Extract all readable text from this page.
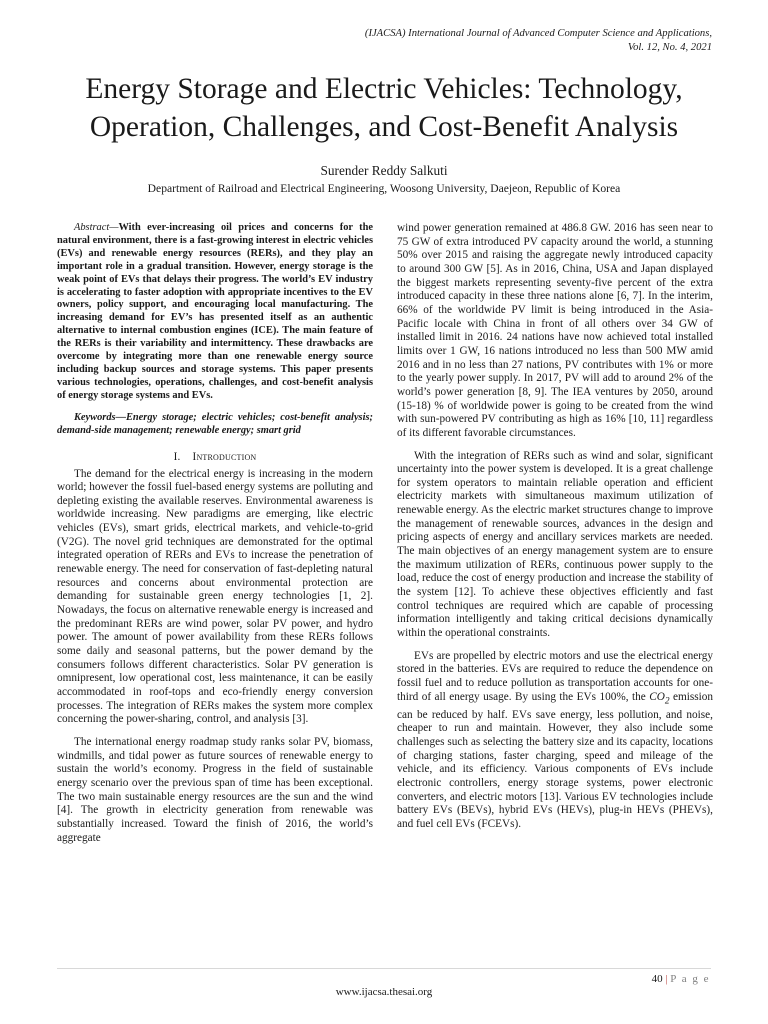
(IJACSA) International Journal of Advanced Computer Science and Applications,
Vol. 12, No. 4, 2021
Energy Storage and Electric Vehicles: Technology,
Operation, Challenges, and Cost-Benefit Analysis
Surender Reddy Salkuti
Department of Railroad and Electrical Engineering, Woosong University, Daejeon, Republic of Korea

Abstract—With ever-increasing oil prices and concerns for the natural environment, there is a fast-growing interest in electric vehicles (EVs) and renewable energy resources (RERs), and they play an important role in a gradual transition. However, energy storage is the weak point of EVs that delays their progress. The world’s EV industry is accelerating to faster adoption with appropriate incentives to the EV owners, policy support, and encouraging local manufacturing. The increasing demand for EV’s has presented itself as an authentic alternative to internal combustion engines (ICE). The main feature of the RERs is their variability and intermittency. These drawbacks are overcome by integrating more than one renewable energy source including backup sources and storage systems. This paper presents various technologies, operations, challenges, and cost-benefit analysis of energy storage systems and EVs.

Keywords—Energy storage; electric vehicles; cost-benefit analysis; demand-side management; renewable energy; smart grid

I. Introduction

The demand for the electrical energy is increasing in the modern world; however the fossil fuel-based energy systems are polluting and depleting existing the available reserves. Environmental awareness is worldwide increasing. New paradigms are emerging, like electric vehicles (EVs), smart grids, electrical markets, and vehicle-to-grid (V2G). The novel grid techniques are demonstrated for the optimal integrated operation of RERs and EVs to increase the penetration of renewable energy. The need for conservation of fast-depleting natural resources and concerns about environmental protection are demanding for sustainable green energy technologies [1, 2]. Nowadays, the focus on alternative renewable energy is increased and the predominant RERs are wind power, solar PV power, and hydro power. The amount of power availability from these RERs follows some daily and seasonal patterns, but the power demand by the consumers follows different characteristics. Solar PV generation is omnipresent, low operational cost, less maintenance, it can be easily accommodated in roof-tops and eco-friendly energy conversion processes. The integration of RERs makes the system more complex concerning the power-sharing, control, and analysis [3].

The international energy roadmap study ranks solar PV, biomass, windmills, and tidal power as future sources of renewable energy to sustain the world’s economy. Progress in the field of sustainable energy scenario over the previous span of time has been exceptional. The two main sustainable energy resources are the sun and the wind [4]. The growth in electricity generation from renewable was substantially increased. Toward the finish of 2016, the world’s aggregate

wind power generation remained at 486.8 GW. 2016 has seen near to 75 GW of extra introduced PV capacity around the world, a stunning 50% over 2015 and raising the aggregate newly introduced capacity to around 300 GW [5]. As in 2016, China, USA and Japan displayed the biggest markets representing seventy-five percent of the extra introduced capacity in these three nations alone [6, 7]. In the interim, 66% of the worldwide PV limit is being introduced in the Asia-Pacific locale with China in front of all others over 34 GW of installed limit in 2016. 24 nations have now achieved total installed limits over 1 GW, 16 nations introduced no less than 500 MW amid 2016 and in no less than 27 nations, PV contributes with 1% or more to the yearly power supply. In 2017, PV will add to around 2% of the world’s power generation [8, 9]. The IEA ventures by 2050, around (15-18) % of worldwide power is going to be created from the wind with sun-powered PV contributing as high as 16% [10, 11] regardless of its different favorable circumstances.

With the integration of RERs such as wind and solar, significant uncertainty into the power system is developed. It is a great challenge for system operators to maintain reliable operation and efficient electricity markets with simultaneous maximum utilization of renewable energy. As the electric market structures change to improve the management of renewable sources, advances in the design and pricing aspects of energy and ancillary services markets are needed. The main objectives of an energy management system are to ensure the maximum utilization of RERs, continuous power supply to the load, reduce the cost of energy production and increase the stability of the system [12]. To achieve these objectives efficiently and fast control techniques are required which are capable of processing information intelligently and taking critical decisions dynamically within the operational constraints.

EVs are propelled by electric motors and use the electrical energy stored in the batteries. EVs are required to reduce the dependence on fossil fuel and to reduce pollution as transportation accounts for one-third of all energy usage. By using the EVs 100%, the $CO_2$ emission can be reduced by half. EVs save energy, less pollution, and noise, cheaper to run and maintain. However, they also include some challenges such as selecting the battery size and its capacity, locations of charging stations, faster charging, speed and mileage of the vehicle, and its efficiency. Various components of EVs include electronic controllers, energy storage systems, power electronic converters, and electric motors [13]. Various EV technologies include battery EVs (BEVs), hybrid EVs (HEVs), plug-in HEVs (PHEVs), and fuel cell EVs (FCEVs).

40 | P a g e
www.ijacsa.thesai.org
